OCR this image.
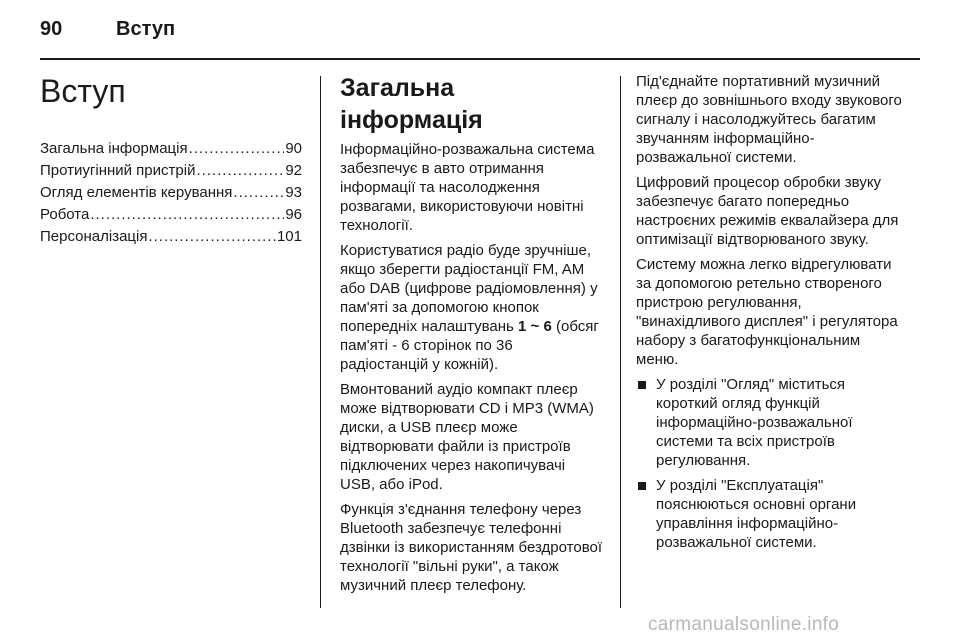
90	Вступ
Вступ
Загальна інформація .....	90
Протиугінний пристрій .....	92
Огляд елементів керування .....	93
Робота .....	96
Персоналізація .....	101
Загальна інформація

Інформаційно-розважальна система забезпечує в авто отримання інформації та насолодження розвагами, використовуючи новітні технології.

Користуватися радіо буде зручніше, якщо зберегти радіостанції FM, AM або DAB (цифрове радіомовлення) у пам'яті за допомогою кнопок попередніх налаштувань 1 ~ 6 (обсяг пам'яті - 6 сторінок по 36 радіостанцій у кожній).

Вмонтований аудіо компакт плеєр може відтворювати CD і MP3 (WMA) диски, а USB плеєр може відтворювати файли із пристроїв підключених через накопичувачі USB, або iPod.

Функція з'єднання телефону через Bluetooth забезпечує телефонні дзвінки із використанням бездротової технології "вільні руки", а також музичний плеєр телефону.

Під'єднайте портативний музичний плеєр до зовнішнього входу звукового сигналу і насолоджуйтесь багатим звучанням інформаційно-розважальної системи.

Цифровий процесор обробки звуку забезпечує багато попередньо настроєних режимів еквалайзера для оптимізації відтворюваного звуку.

Систему можна легко відрегулювати за допомогою ретельно створеного пристрою регулювання, "винахідливого дисплея" і регулятора набору з багатофункціональним меню.

У розділі "Огляд" міститься короткий огляд функцій інформаційно-розважальної системи та всіх пристроїв регулювання.
У розділі "Експлуатація" пояснюються основні органи управління інформаційно-розважальної системи.
carmanualsonline.info
